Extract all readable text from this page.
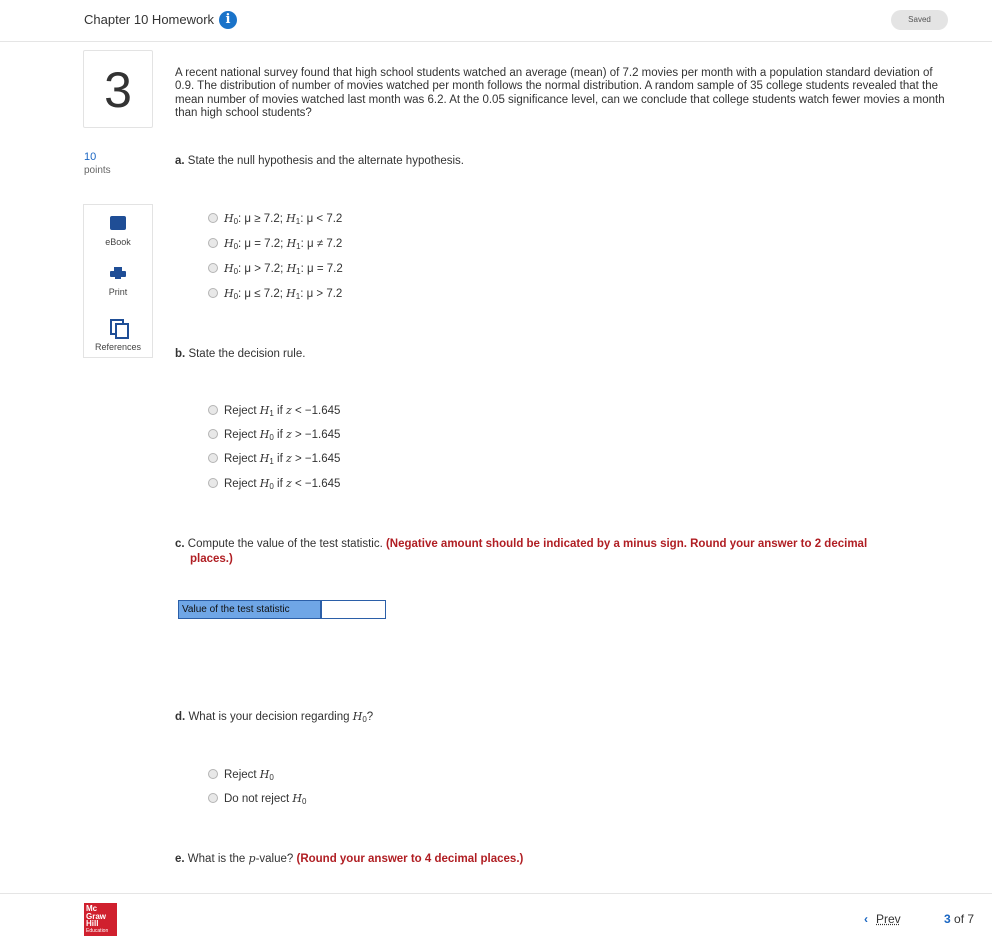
Chapter 10 Homework i	Saved
3
10
points
eBook
Print
References
A recent national survey found that high school students watched an average (mean) of 7.2 movies per month with a population standard deviation of 0.9. The distribution of number of movies watched per month follows the normal distribution. A random sample of 35 college students revealed that the mean number of movies watched last month was 6.2. At the 0.05 significance level, can we conclude that college students watch fewer movies a month than high school students?
a. State the null hypothesis and the alternate hypothesis.
$H_0$: μ ≥ 7.2; $H_1$: μ < 7.2
$H_0$: μ = 7.2; $H_1$: μ ≠ 7.2
$H_0$: μ > 7.2; $H_1$: μ = 7.2
$H_0$: μ ≤ 7.2; $H_1$: μ > 7.2
b. State the decision rule.
Reject $H_1$ if z < −1.645
Reject $H_0$ if z > −1.645
Reject $H_1$ if z > −1.645
Reject $H_0$ if z < −1.645
c. Compute the value of the test statistic. (Negative amount should be indicated by a minus sign. Round your answer to 2 decimal
places.)
Value of the test statistic
d. What is your decision regarding $H_0$?
Reject $H_0$
Do not reject $H_0$
e. What is the p-value? (Round your answer to 4 decimal places.)
Mc
Graw
Hill
Education
‹ Prev	3 of 7
